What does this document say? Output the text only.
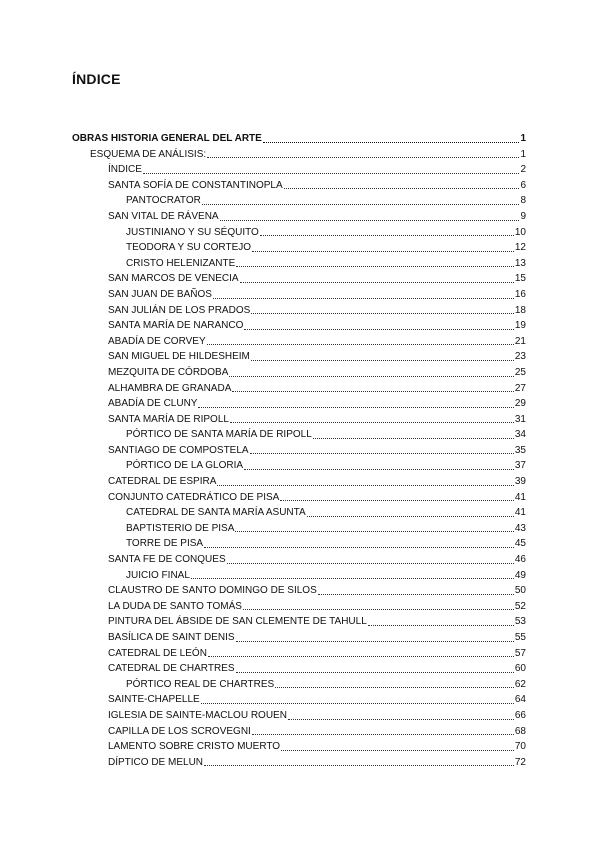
ÍNDICE
OBRAS HISTORIA GENERAL DEL ARTE	1
ESQUEMA DE ANÁLISIS:	1
ÍNDICE	2
SANTA SOFÍA DE CONSTANTINOPLA	6
PANTOCRATOR	8
SAN VITAL DE RÁVENA	9
JUSTINIANO Y SU SÉQUITO	10
TEODORA Y SU CORTEJO	12
CRISTO HELENIZANTE	13
SAN MARCOS DE VENECIA	15
SAN JUAN DE BAÑOS	16
SAN JULIÁN DE LOS PRADOS	18
SANTA MARÍA DE NARANCO	19
ABADÍA DE CORVEY	21
SAN MIGUEL DE HILDESHEIM	23
MEZQUITA DE CÓRDOBA	25
ALHAMBRA DE GRANADA	27
ABADÍA DE CLUNY	29
SANTA MARÍA DE RIPOLL	31
PÓRTICO DE SANTA MARÍA DE RIPOLL	34
SANTIAGO DE COMPOSTELA	35
PÓRTICO DE LA GLORIA	37
CATEDRAL DE ESPIRA	39
CONJUNTO CATEDRÁTICO DE PISA	41
CATEDRAL DE SANTA MARÍA ASUNTA	41
BAPTISTERIO DE PISA	43
TORRE DE PISA	45
SANTA FE DE CONQUES	46
JUICIO FINAL	49
CLAUSTRO DE SANTO DOMINGO DE SILOS	50
LA DUDA DE SANTO TOMÁS	52
PINTURA DEL ÁBSIDE DE SAN CLEMENTE DE TAHULL	53
BASÍLICA DE SAINT DENIS	55
CATEDRAL DE LEÓN	57
CATEDRAL DE CHARTRES	60
PÓRTICO REAL DE CHARTRES	62
SAINTE-CHAPELLE	64
IGLESIA DE SAINTE-MACLOU ROUEN	66
CAPILLA DE LOS SCROVEGNI	68
LAMENTO SOBRE CRISTO MUERTO	70
DÍPTICO DE MELUN	72
